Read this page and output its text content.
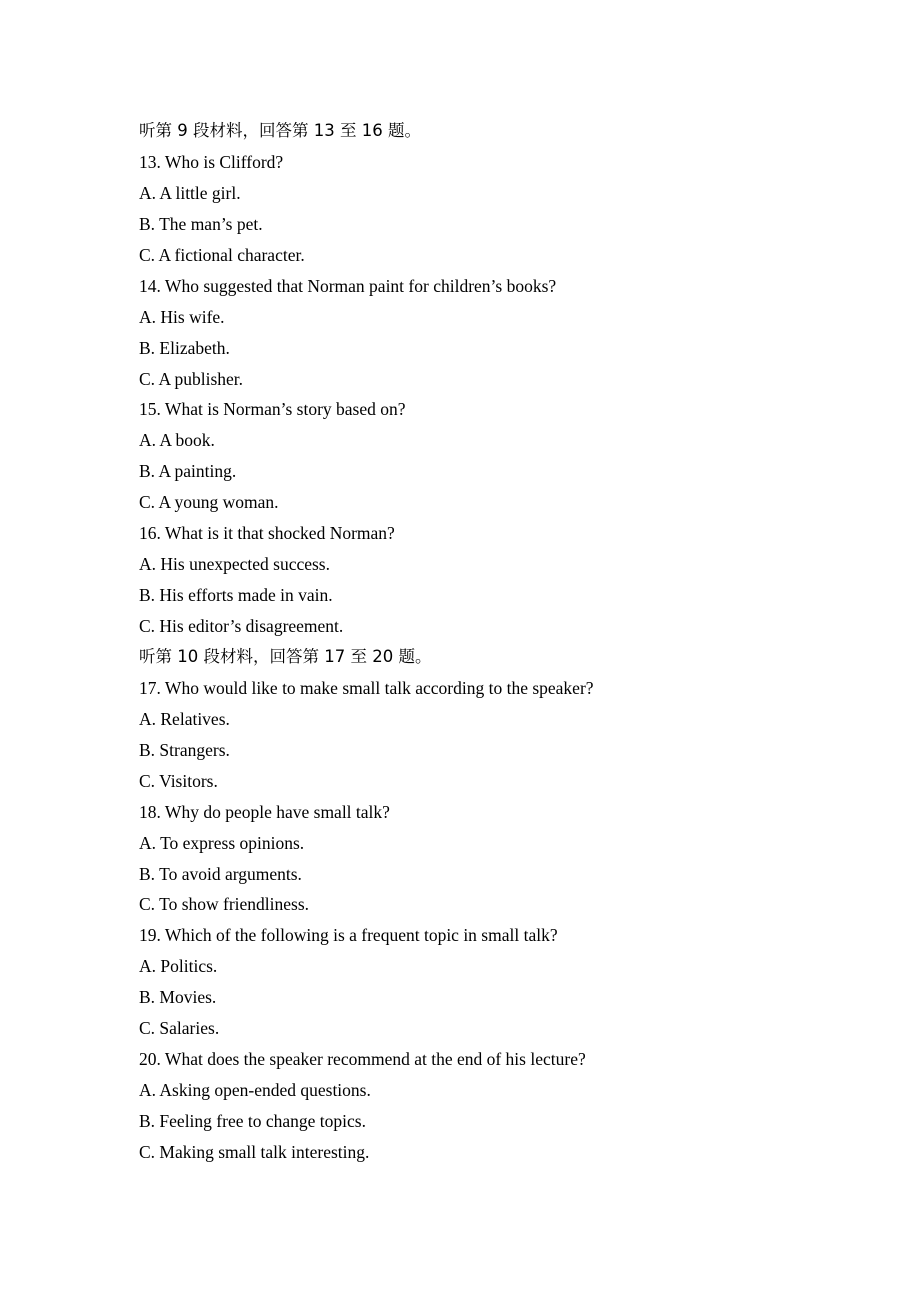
听第 9 段材料，回答第 13 至 16 题。
13. Who is Clifford?
A. A little girl.
B. The man’s pet.
C. A fictional character.
14. Who suggested that Norman paint for children’s books?
A. His wife.
B. Elizabeth.
C. A publisher.
15. What is Norman’s story based on?
A. A book.
B. A painting.
C. A young woman.
16. What is it that shocked Norman?
A. His unexpected success.
B. His efforts made in vain.
C. His editor’s disagreement.
听第 10 段材料，回答第 17 至 20 题。
17. Who would like to make small talk according to the speaker?
A. Relatives.
B. Strangers.
C. Visitors.
18. Why do people have small talk?
A. To express opinions.
B. To avoid arguments.
C. To show friendliness.
19. Which of the following is a frequent topic in small talk?
A. Politics.
B. Movies.
C. Salaries.
20. What does the speaker recommend at the end of his lecture?
A. Asking open-ended questions.
B. Feeling free to change topics.
C. Making small talk interesting.
